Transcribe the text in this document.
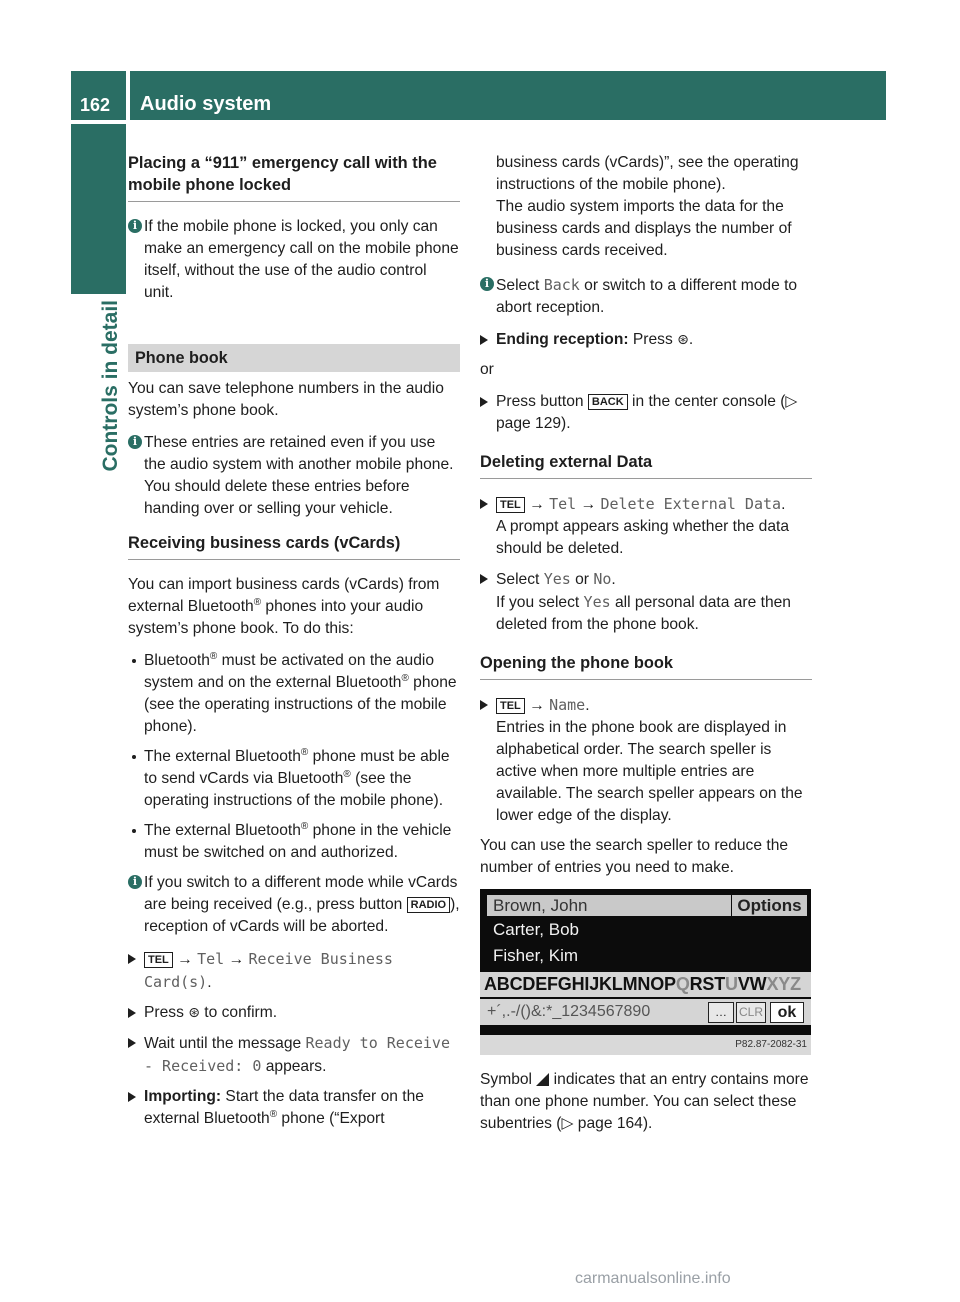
162 Audio system
Controls in detail
Placing a “911” emergency call with the mobile phone locked
i If the mobile phone is locked, you only can make an emergency call on the mobile phone itself, without the use of the audio control unit.
Phone book

You can save telephone numbers in the audio system’s phone book.

i These entries are retained even if you use the audio system with another mobile phone. You should delete these entries before handing over or selling your vehicle.
Receiving business cards (vCards)

You can import business cards (vCards) from external Bluetooth® phones into your audio system’s phone book. To do this:

Bluetooth® must be activated on the audio system and on the external Bluetooth® phone (see the operating instructions of the mobile phone).
The external Bluetooth® phone must be able to send vCards via Bluetooth® (see the operating instructions of the mobile phone).
The external Bluetooth® phone in the vehicle must be switched on and authorized.
i If you switch to a different mode while vCards are being received (e.g., press button RADIO ), reception of vCards will be aborted.
TEL → Tel → Receive Business Card(s).
Press ⊛ to confirm.
Wait until the message Ready to Receive - Received: 0 appears.
Importing: Start the data transfer on the external Bluetooth® phone (“Export
business cards (vCards)”, see the operating instructions of the mobile phone).
The audio system imports the data for the business cards and displays the number of business cards received.
i Select Back or switch to a different mode to abort reception.
Ending reception: Press ⊛.

or

Press button BACK in the center console (▷ page 129).
Deleting external Data
TEL → Tel → Delete External Data.
A prompt appears asking whether the data should be deleted.
Select Yes or No.
If you select Yes all personal data are then deleted from the phone book.
Opening the phone book
TEL → Name.
Entries in the phone book are displayed in alphabetical order. The search speller is active when more multiple entries are available. The search speller appears on the lower edge of the display.

You can use the search speller to reduce the number of entries you need to make.

Brown, John	Options
Carter, Bob
Fisher, Kim
ABCDEFGHIJKLMNOPQRSTUVWXYZ
+´,.-/()&:*_1234567890	… CLR ok
P82.87-2082-31

Symbol  indicates that an entry contains more than one phone number. You can select these subentries (▷ page 164).

carmanualsonline.info
